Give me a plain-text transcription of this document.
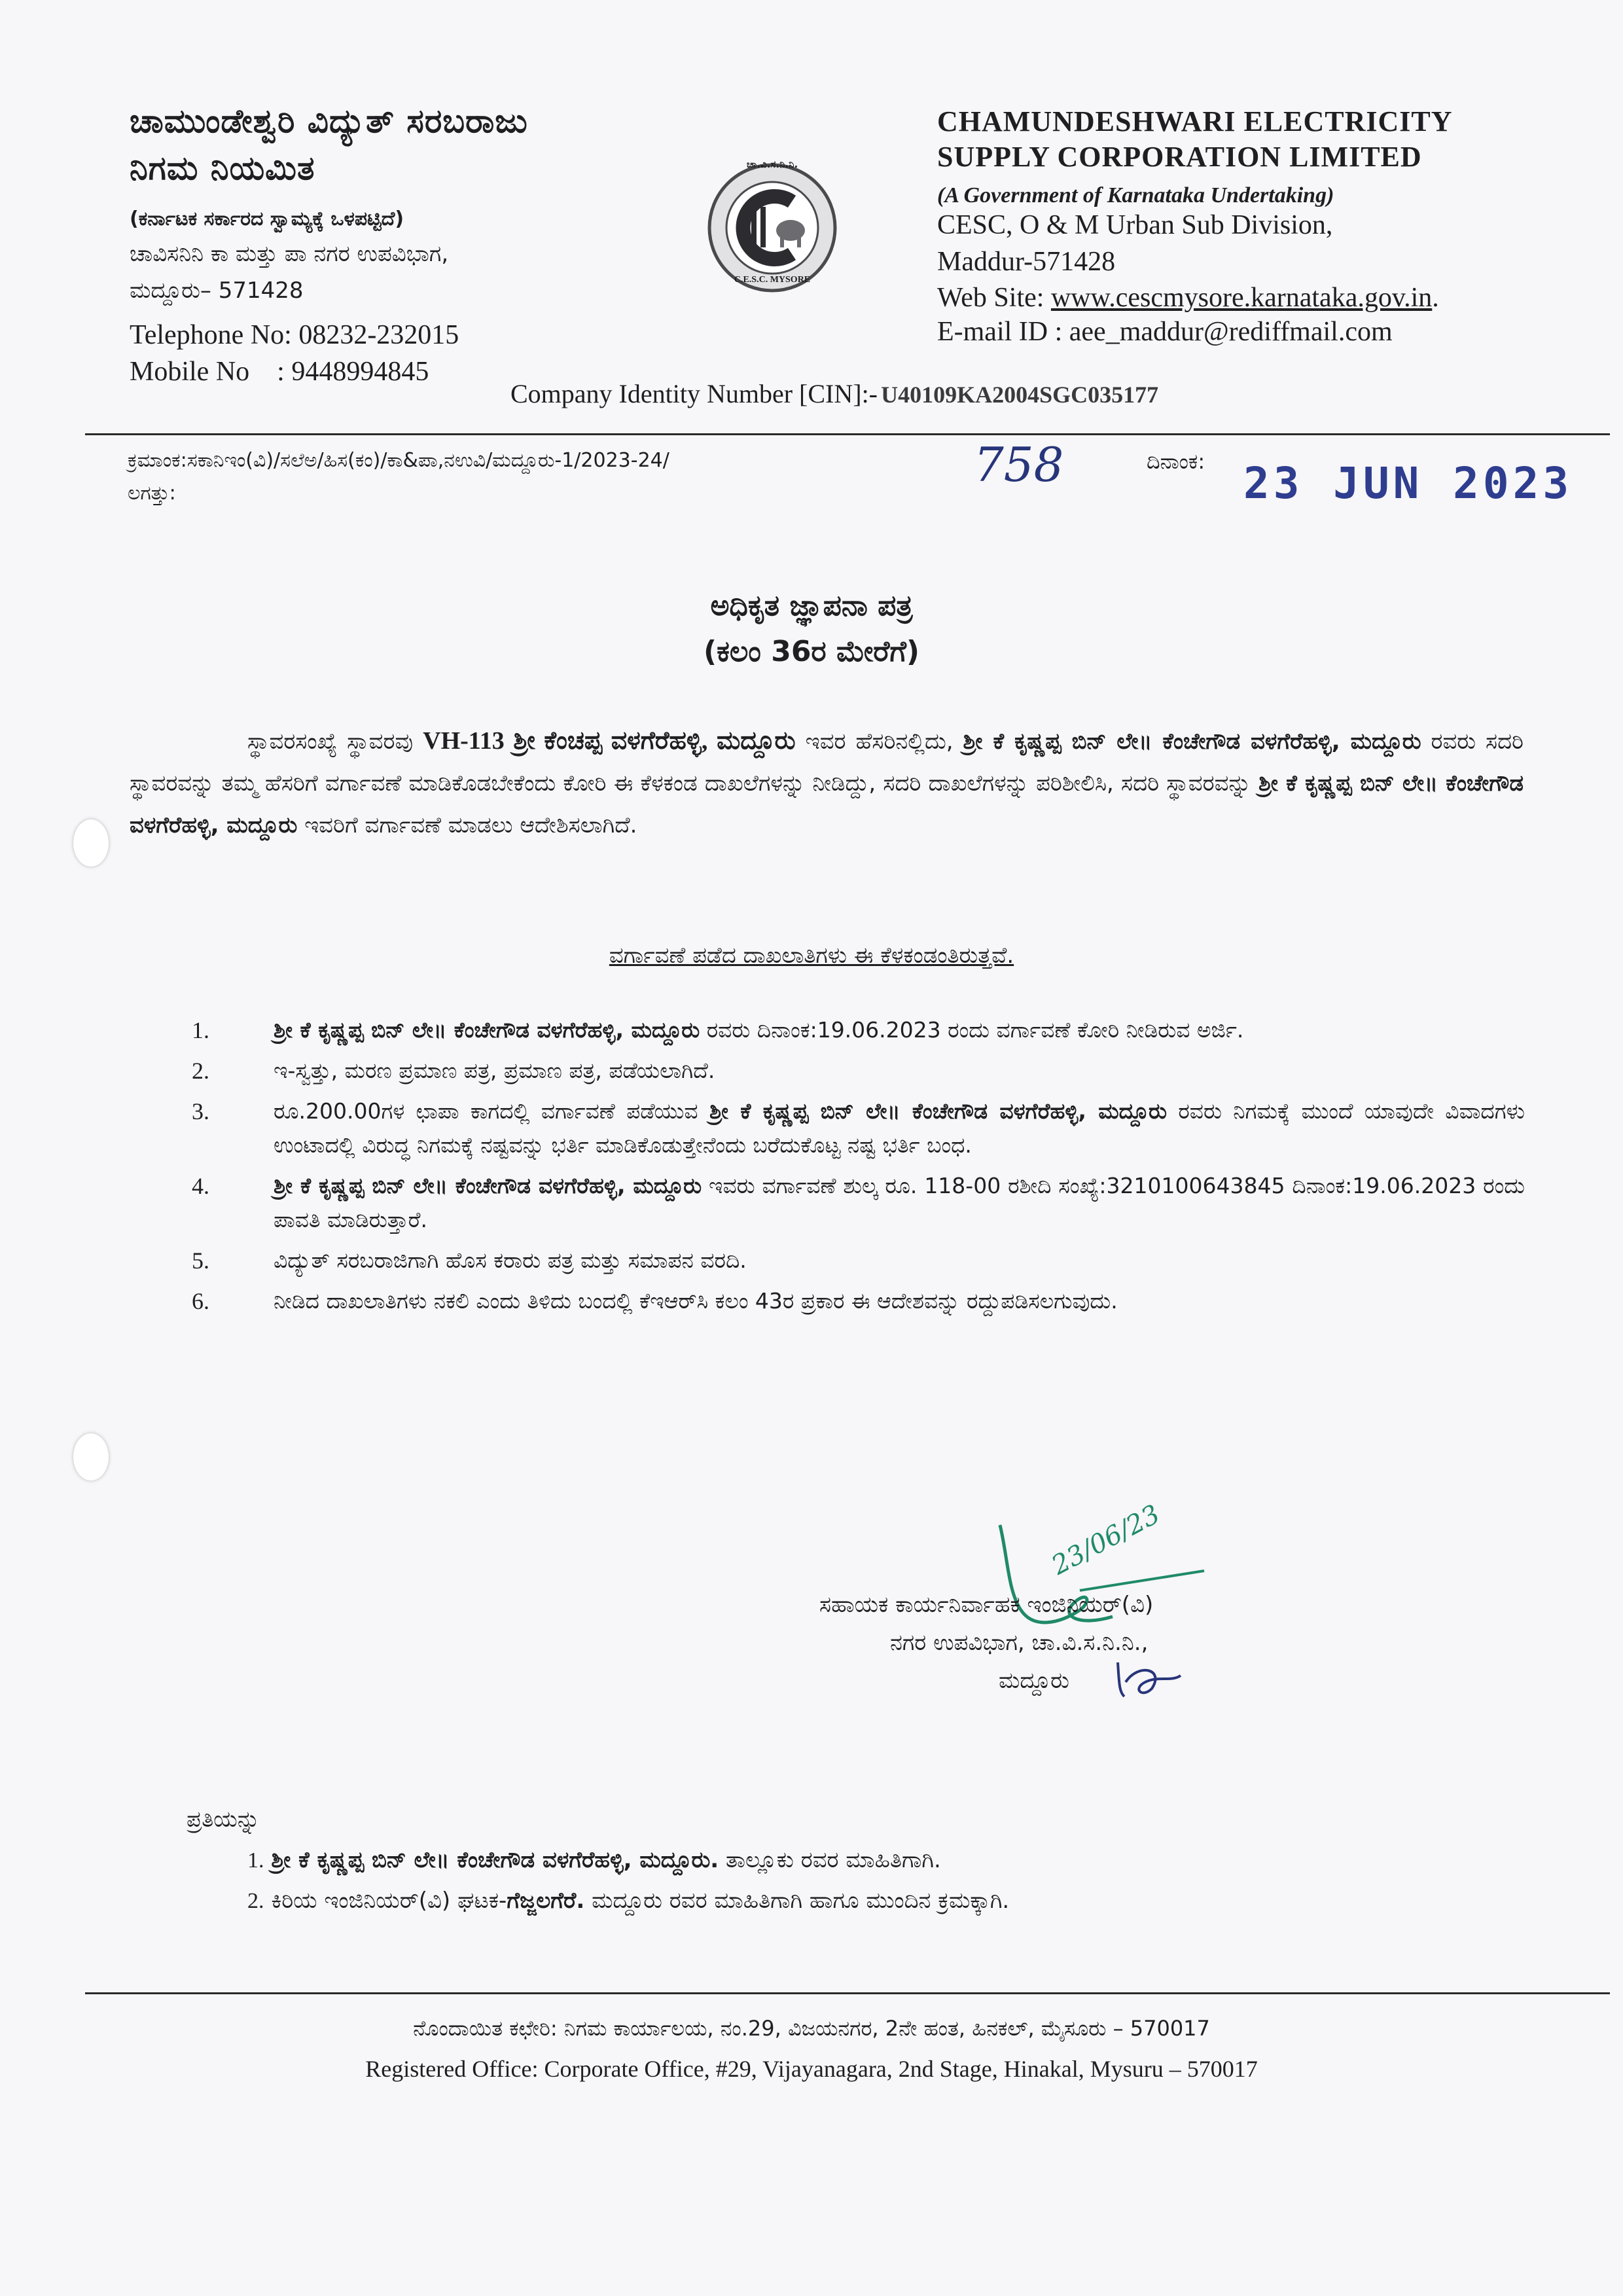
ಚಾಮುಂಡೇಶ್ವರಿ ವಿದ್ಯುತ್ ಸರಬರಾಜು
ನಿಗಮ ನಿಯಮಿತ
(ಕರ್ನಾಟಕ ಸರ್ಕಾರದ ಸ್ವಾಮ್ಯಕ್ಕೆ ಒಳಪಟ್ಟಿದೆ)
ಚಾವಿಸನಿನಿ ಕಾ ಮತ್ತು ಪಾ ನಗರ ಉಪವಿಭಾಗ,
ಮದ್ದೂರು– 571428
Telephone No: 08232-232015
Mobile No    : 9448994845
ಚಾ.ವಿ.ಸ.ನಿ.ನಿ.
C.E.S.C. MYSORE
CHAMUNDESHWARI ELECTRICITY
SUPPLY CORPORATION LIMITED
(A Government of Karnataka Undertaking)
CESC, O & M Urban Sub Division,
Maddur-571428
Web Site: www.cescmysore.karnataka.gov.in.
E-mail ID : aee_maddur@rediffmail.com
Company Identity Number [CIN]:- U40109KA2004SGC035177
ಕ್ರಮಾಂಕ:ಸಕಾನಿಇಂ(ವಿ)/ಸಲೆಅ/ಹಿಸ(ಕಂ)/ಕಾ&ಪಾ,ನಉವಿ/ಮದ್ದೂರು-1/2023-24/	758
ಲಗತ್ತು:
ದಿನಾಂಕ: 23 JUN 2023
ಅಧಿಕೃತ ಜ್ಞಾಪನಾ ಪತ್ರ
(ಕಲಂ 36ರ ಮೇರೆಗೆ)
ಸ್ಥಾವರಸಂಖ್ಯೆ ಸ್ಥಾವರವು VH-113 ಶ್ರೀ ಕೆಂಚಪ್ಪ ವಳಗೆರೆಹಳ್ಳಿ, ಮದ್ದೂರು ಇವರ ಹೆಸರಿನಲ್ಲಿದು, ಶ್ರೀ ಕೆ ಕೃಷ್ಣಪ್ಪ ಬಿನ್ ಲೇ॥ ಕೆಂಚೇಗೌಡ ವಳಗೆರೆಹಳ್ಳಿ, ಮದ್ದೂರು ರವರು ಸದರಿ ಸ್ಥಾವರವನ್ನು ತಮ್ಮ ಹೆಸರಿಗೆ ವರ್ಗಾವಣೆ ಮಾಡಿಕೊಡಬೇಕೆಂದು ಕೋರಿ ಈ ಕೆಳಕಂಡ ದಾಖಲೆಗಳನ್ನು ನೀಡಿದ್ದು, ಸದರಿ ದಾಖಲೆಗಳನ್ನು ಪರಿಶೀಲಿಸಿ, ಸದರಿ ಸ್ಥಾವರವನ್ನು ಶ್ರೀ ಕೆ ಕೃಷ್ಣಪ್ಪ ಬಿನ್ ಲೇ॥ ಕೆಂಚೇಗೌಡ ವಳಗೆರೆಹಳ್ಳಿ, ಮದ್ದೂರು ಇವರಿಗೆ ವರ್ಗಾವಣೆ ಮಾಡಲು ಆದೇಶಿಸಲಾಗಿದೆ.
ವರ್ಗಾವಣೆ ಪಡೆದ ದಾಖಲಾತಿಗಳು ಈ ಕೆಳಕಂಡಂತಿರುತ್ತವೆ.
1.	ಶ್ರೀ ಕೆ ಕೃಷ್ಣಪ್ಪ ಬಿನ್ ಲೇ॥ ಕೆಂಚೇಗೌಡ ವಳಗೆರೆಹಳ್ಳಿ, ಮದ್ದೂರು ರವರು ದಿನಾಂಕ:19.06.2023 ರಂದು ವರ್ಗಾವಣೆ ಕೋರಿ ನೀಡಿರುವ ಅರ್ಜಿ.
2.	ಇ-ಸ್ವತ್ತು, ಮರಣ ಪ್ರಮಾಣ ಪತ್ರ, ಪ್ರಮಾಣ ಪತ್ರ, ಪಡೆಯಲಾಗಿದೆ.
3.	ರೂ.200.00ಗಳ ಛಾಪಾ ಕಾಗದಲ್ಲಿ ವರ್ಗಾವಣೆ ಪಡೆಯುವ ಶ್ರೀ ಕೆ ಕೃಷ್ಣಪ್ಪ ಬಿನ್ ಲೇ॥ ಕೆಂಚೇಗೌಡ ವಳಗೆರೆಹಳ್ಳಿ, ಮದ್ದೂರು ರವರು ನಿಗಮಕ್ಕೆ ಮುಂದೆ ಯಾವುದೇ ವಿವಾದಗಳು ಉಂಟಾದಲ್ಲಿ ವಿರುದ್ಧ ನಿಗಮಕ್ಕೆ ನಷ್ಟವನ್ನು ಭರ್ತಿ ಮಾಡಿಕೊಡುತ್ತೇನೆಂದು ಬರೆದುಕೊಟ್ಟ ನಷ್ಟ ಭರ್ತಿ ಬಂಧ.
4.	ಶ್ರೀ ಕೆ ಕೃಷ್ಣಪ್ಪ ಬಿನ್ ಲೇ॥ ಕೆಂಚೇಗೌಡ ವಳಗೆರೆಹಳ್ಳಿ, ಮದ್ದೂರು ಇವರು ವರ್ಗಾವಣೆ ಶುಲ್ಕ ರೂ. 118-00 ರಶೀದಿ ಸಂಖ್ಯೆ:3210100643845 ದಿನಾಂಕ:19.06.2023 ರಂದು ಪಾವತಿ ಮಾಡಿರುತ್ತಾರೆ.
5.	ವಿದ್ಯುತ್ ಸರಬರಾಜಿಗಾಗಿ ಹೊಸ ಕರಾರು ಪತ್ರ ಮತ್ತು ಸಮಾಪನ ವರದಿ.
6.	ನೀಡಿದ ದಾಖಲಾತಿಗಳು ನಕಲಿ ಎಂದು ತಿಳಿದು ಬಂದಲ್ಲಿ ಕೆಇಆರ್‌ಸಿ ಕಲಂ 43ರ ಪ್ರಕಾರ ಈ ಆದೇಶವನ್ನು ರದ್ದುಪಡಿಸಲಗುವುದು.
23/06/23
ಸಹಾಯಕ ಕಾರ್ಯನಿರ್ವಾಹಕ ಇಂಜಿನಿಯರ್(ವಿ)
ನಗರ ಉಪವಿಭಾಗ, ಚಾ.ವಿ.ಸ.ನಿ.ನಿ.,
ಮದ್ದೂರು
ಪ್ರತಿಯನ್ನು
1. ಶ್ರೀ ಕೆ ಕೃಷ್ಣಪ್ಪ ಬಿನ್ ಲೇ॥ ಕೆಂಚೇಗೌಡ ವಳಗೆರೆಹಳ್ಳಿ, ಮದ್ದೂರು. ತಾಲ್ಲೂಕು ರವರ ಮಾಹಿತಿಗಾಗಿ.
2. ಕಿರಿಯ ಇಂಜಿನಿಯರ್(ವಿ) ಘಟಕ-ಗೆಜ್ಜಲಗೆರೆ. ಮದ್ದೂರು ರವರ ಮಾಹಿತಿಗಾಗಿ ಹಾಗೂ ಮುಂದಿನ ಕ್ರಮಕ್ಕಾಗಿ.
ನೊಂದಾಯಿತ ಕಛೇರಿ: ನಿಗಮ ಕಾರ್ಯಾಲಯ, ನಂ.29, ವಿಜಯನಗರ, 2ನೇ ಹಂತ, ಹಿನಕಲ್, ಮೈಸೂರು – 570017
Registered Office: Corporate Office, #29, Vijayanagara, 2nd Stage, Hinakal, Mysuru – 570017
